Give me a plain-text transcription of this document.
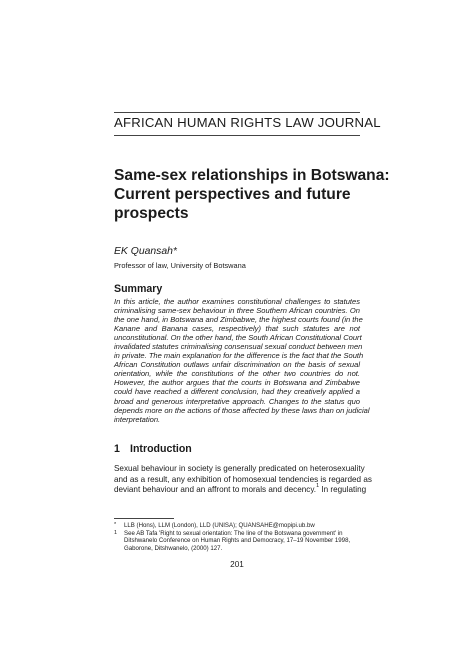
AFRICAN HUMAN RIGHTS LAW JOURNAL
Same-sex relationships in Botswana:
Current perspectives and future
prospects
EK Quansah*
Professor of law, University of Botswana
Summary
In this article, the author examines constitutional challenges to statutes
criminalising same-sex behaviour in three Southern African countries. On
the one hand, in Botswana and Zimbabwe, the highest courts found (in the
Kanane and Banana cases, respectively) that such statutes are not
unconstitutional. On the other hand, the South African Constitutional Court
invalidated statutes criminalising consensual sexual conduct between men
in private. The main explanation for the difference is the fact that the South
African Constitution outlaws unfair discrimination on the basis of sexual
orientation, while the constitutions of the other two countries do not.
However, the author argues that the courts in Botswana and Zimbabwe
could have reached a different conclusion, had they creatively applied a
broad and generous interpretative approach. Changes to the status quo
depends more on the actions of those affected by these laws than on judicial
interpretation.
1 Introduction
Sexual behaviour in society is generally predicated on heterosexuality
and as a result, any exhibition of homosexual tendencies is regarded as
deviant behaviour and an affront to morals and decency.$^1$ In regulating
* LLB (Hons), LLM (London), LLD (UNISA); QUANSAHE@mopipi.ub.bw
1 See AB Tafa 'Right to sexual orientation: The line of the Botswana government' in
Ditshwanelo Conference on Human Rights and Democracy, 17–19 November 1998,
Gaborone, Ditshwanelo, (2000) 127.
201
